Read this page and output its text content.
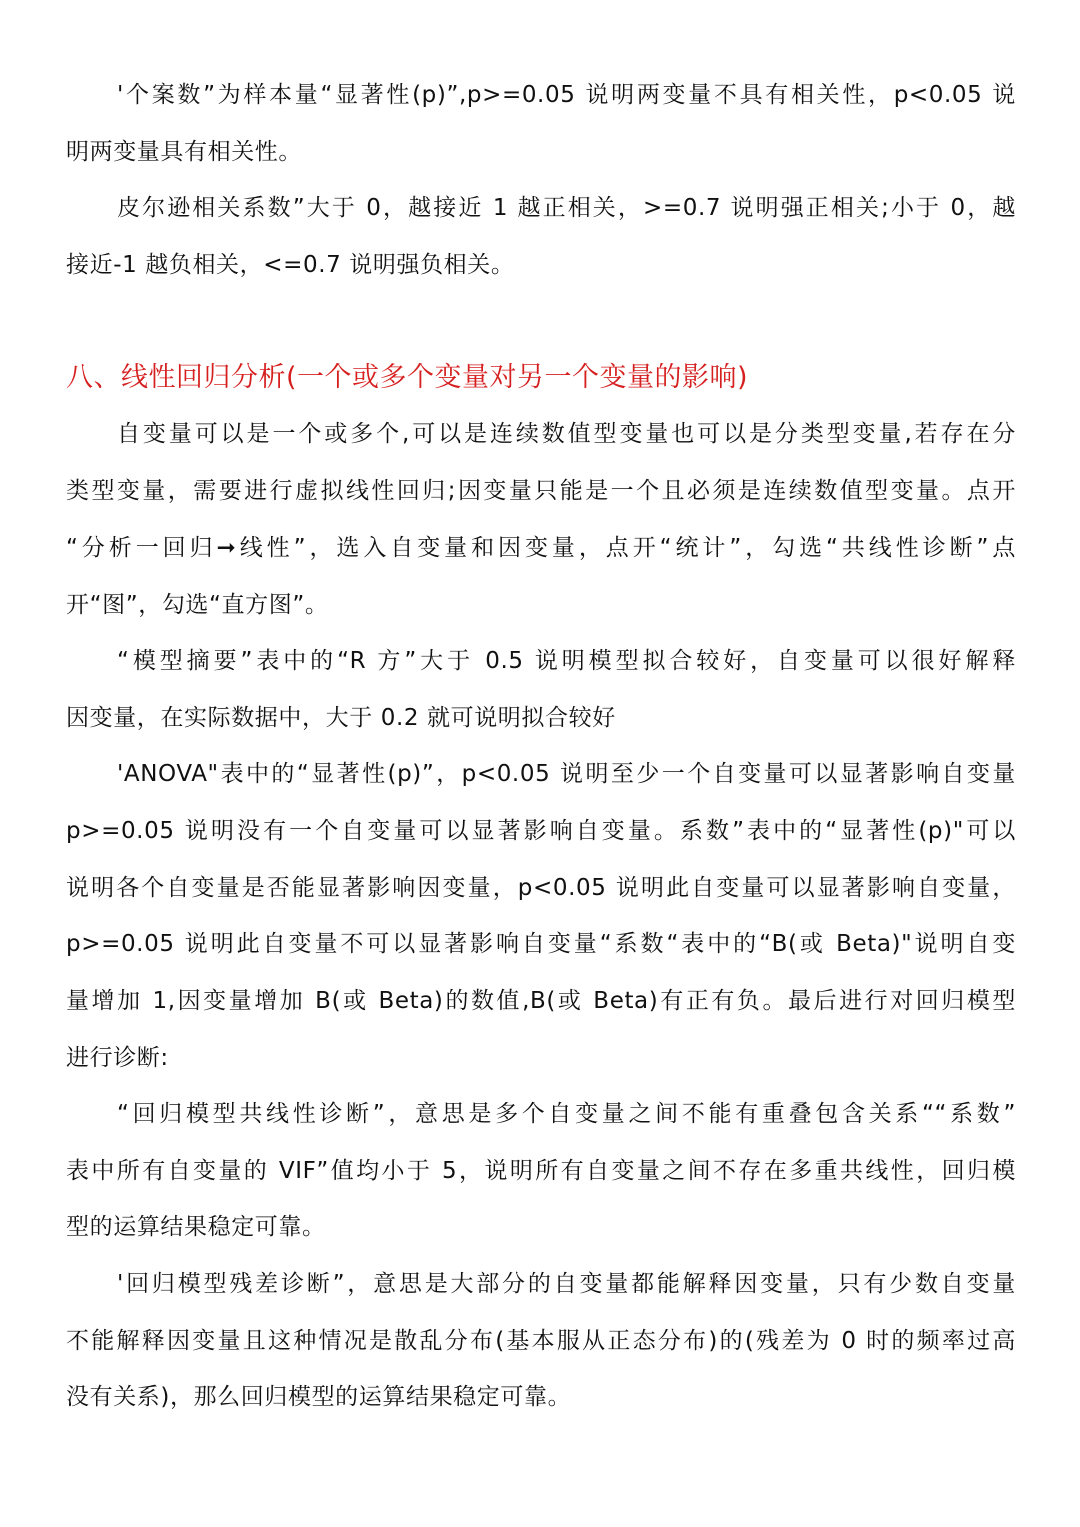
'个案数”为样本量“显著性(p)”,p>=0.05 说明两变量不具有相关性，p<0.05 说
明两变量具有相关性。
皮尔逊相关系数”大于 0，越接近 1 越正相关，>=0.7 说明强正相关;小于 0，越
接近-1 越负相关，<=0.7 说明强负相关。
八、线性回归分析(一个或多个变量对另一个变量的影响)
自变量可以是一个或多个,可以是连续数值型变量也可以是分类型变量,若存在分
类型变量，需要进行虚拟线性回归;因变量只能是一个且必须是连续数值型变量。点开
“分析一回归➞线性”，选入自变量和因变量，点开“统计”，勾选“共线性诊断”点
开“图”，勾选“直方图”。
“模型摘要”表中的“R 方”大于 0.5 说明模型拟合较好，自变量可以很好解释
因变量，在实际数据中，大于 0.2 就可说明拟合较好
'ANOVA"表中的“显著性(p)”，p<0.05 说明至少一个自变量可以显著影响自变量
p>=0.05 说明没有一个自变量可以显著影响自变量。系数”表中的“显著性(p)"可以
说明各个自变量是否能显著影响因变量，p<0.05 说明此自变量可以显著影响自变量，
p>=0.05 说明此自变量不可以显著影响自变量“系数“表中的“B(或 Beta)"说明自变
量增加 1,因变量增加 B(或 Beta)的数值,B(或 Beta)有正有负。最后进行对回归模型
进行诊断:
“回归模型共线性诊断”，意思是多个自变量之间不能有重叠包含关系““系数”
表中所有自变量的 VIF”值均小于 5，说明所有自变量之间不存在多重共线性，回归模
型的运算结果稳定可靠。
'回归模型残差诊断”，意思是大部分的自变量都能解释因变量，只有少数自变量
不能解释因变量且这种情况是散乱分布(基本服从正态分布)的(残差为 0 时的频率过高
没有关系)，那么回归模型的运算结果稳定可靠。
